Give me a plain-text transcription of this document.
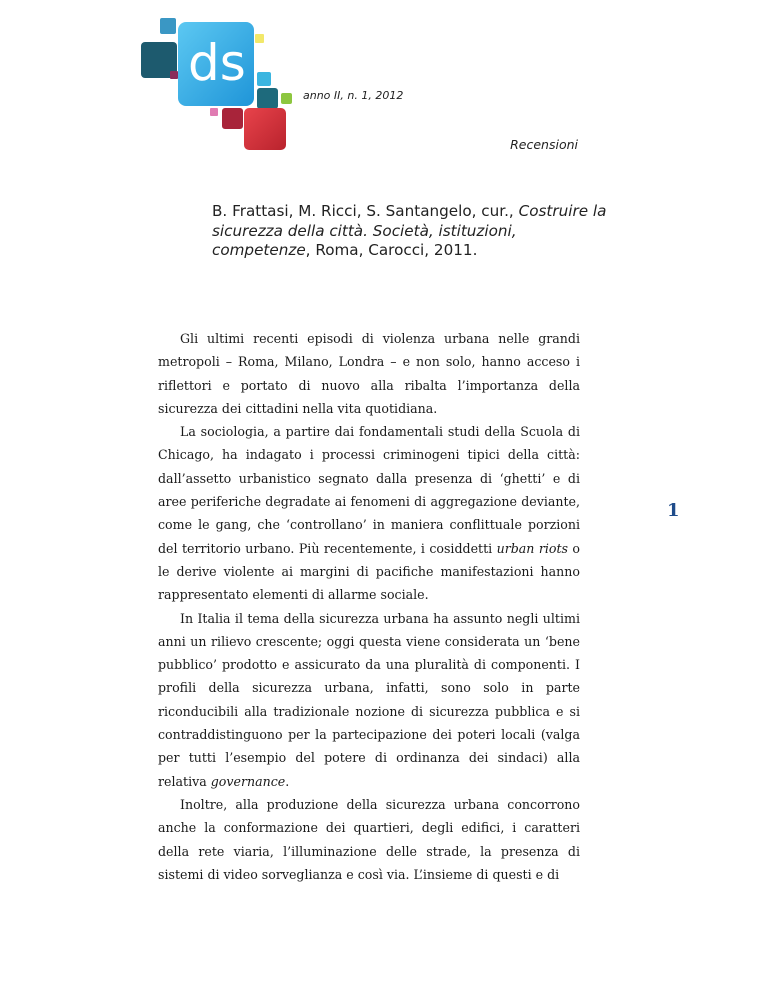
ds
anno II, n. 1, 2012
Recensioni
B. Frattasi, M. Ricci, S. Santangelo, cur., Costruire la sicurezza della città. Società, istituzioni, competenze, Roma, Carocci, 2011.

Gli ultimi recenti episodi di violenza urbana nelle grandi metropoli – Roma, Milano, Londra – e non solo, hanno acceso i riflettori e portato di nuovo alla ribalta l’importanza della sicurezza dei cittadini nella vita quotidiana.

La sociologia, a partire dai fondamentali studi della Scuola di Chicago, ha indagato i processi criminogeni tipici della città: dall’assetto urbanistico segnato dalla presenza di ‘ghetti’ e di aree periferiche degradate ai fenomeni di aggregazione deviante, come le gang, che ‘controllano’ in maniera conflittuale porzioni del territorio urbano. Più recentemente, i cosiddetti urban riots o le derive violente ai margini di pacifiche manifestazioni hanno rappresentato elementi di allarme sociale.

In Italia il tema della sicurezza urbana ha assunto negli ultimi anni un rilievo crescente; oggi questa viene considerata un ‘bene pubblico’ prodotto e assicurato da una pluralità di componenti. I profili della sicurezza urbana, infatti, sono solo in parte riconducibili alla tradizionale nozione di sicurezza pubblica e si contraddistinguono per la partecipazione dei poteri locali (valga per tutti l’esempio del potere di ordinanza dei sindaci) alla relativa governance.

Inoltre, alla produzione della sicurezza urbana concorrono anche la conformazione dei quartieri, degli edifici, i caratteri della rete viaria, l’illuminazione delle strade, la presenza di sistemi di video sorveglianza e così via. L’insieme di questi e di

1
